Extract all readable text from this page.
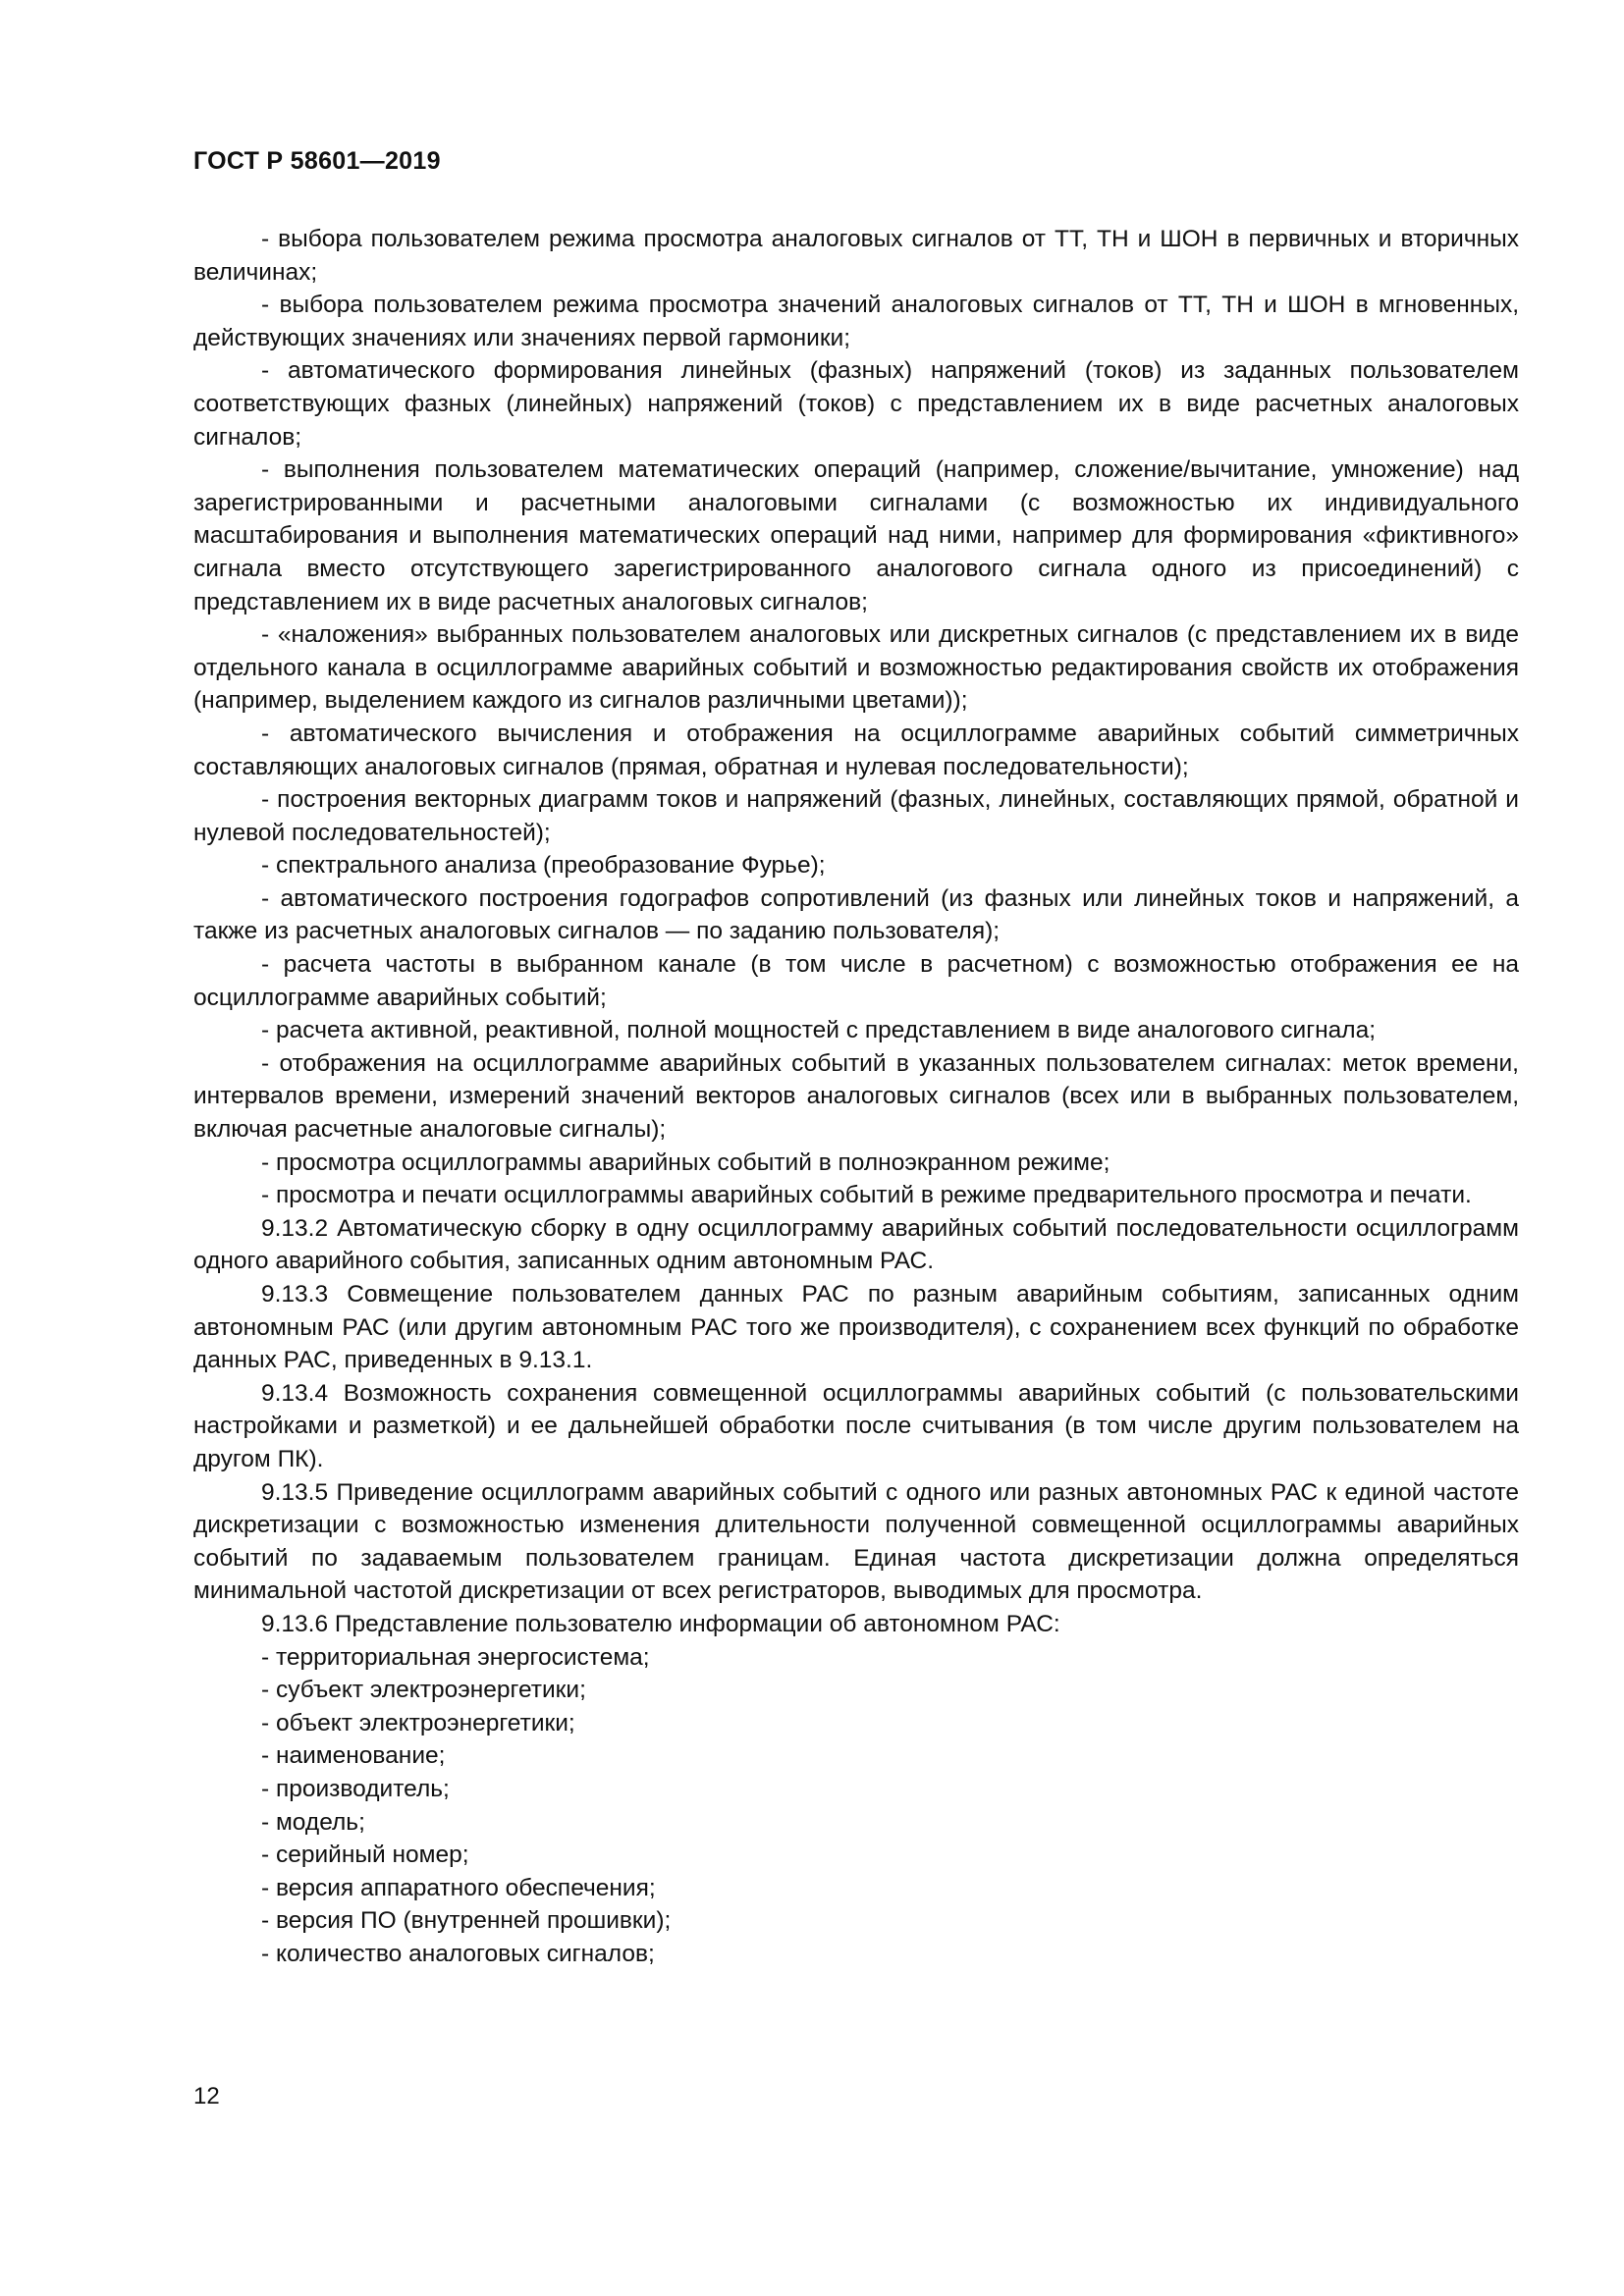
ГОСТ Р 58601—2019

- выбора пользователем режима просмотра аналоговых сигналов от ТТ, ТН и ШОН в первичных и вторичных величинах;

- выбора пользователем режима просмотра значений аналоговых сигналов от ТТ, ТН и ШОН в мгновенных, действующих значениях или значениях первой гармоники;

- автоматического формирования линейных (фазных) напряжений (токов) из заданных пользователем соответствующих фазных (линейных) напряжений (токов) с представлением их в виде расчетных аналоговых сигналов;

- выполнения пользователем математических операций (например, сложение/вычитание, умножение) над зарегистрированными и расчетными аналоговыми сигналами (с возможностью их индивидуального масштабирования и выполнения математических операций над ними, например для формирования «фиктивного» сигнала вместо отсутствующего зарегистрированного аналогового сигнала одного из присоединений) с представлением их в виде расчетных аналоговых сигналов;

- «наложения» выбранных пользователем аналоговых или дискретных сигналов (с представлением их в виде отдельного канала в осциллограмме аварийных событий и возможностью редактирования свойств их отображения (например, выделением каждого из сигналов различными цветами));

- автоматического вычисления и отображения на осциллограмме аварийных событий симметричных составляющих аналоговых сигналов (прямая, обратная и нулевая последовательности);

- построения векторных диаграмм токов и напряжений (фазных, линейных, составляющих прямой, обратной и нулевой последовательностей);

- спектрального анализа (преобразование Фурье);

- автоматического построения годографов сопротивлений (из фазных или линейных токов и напряжений, а также из расчетных аналоговых сигналов — по заданию пользователя);

- расчета частоты в выбранном канале (в том числе в расчетном) с возможностью отображения ее на осциллограмме аварийных событий;

- расчета активной, реактивной, полной мощностей с представлением в виде аналогового сигнала;

- отображения на осциллограмме аварийных событий в указанных пользователем сигналах: меток времени, интервалов времени, измерений значений векторов аналоговых сигналов (всех или в выбранных пользователем, включая расчетные аналоговые сигналы);

- просмотра осциллограммы аварийных событий в полноэкранном режиме;

- просмотра и печати осциллограммы аварийных событий в режиме предварительного просмотра и печати.

9.13.2 Автоматическую сборку в одну осциллограмму аварийных событий последовательности осциллограмм одного аварийного события, записанных одним автономным РАС.

9.13.3 Совмещение пользователем данных РАС по разным аварийным событиям, записанных одним автономным РАС (или другим автономным РАС того же производителя), с сохранением всех функций по обработке данных РАС, приведенных в 9.13.1.

9.13.4 Возможность сохранения совмещенной осциллограммы аварийных событий (с пользовательскими настройками и разметкой) и ее дальнейшей обработки после считывания (в том числе другим пользователем на другом ПК).

9.13.5 Приведение осциллограмм аварийных событий с одного или разных автономных РАС к единой частоте дискретизации с возможностью изменения длительности полученной совмещенной осциллограммы аварийных событий по задаваемым пользователем границам. Единая частота дискретизации должна определяться минимальной частотой дискретизации от всех регистраторов, выводимых для просмотра.

9.13.6 Представление пользователю информации об автономном РАС:

- территориальная энергосистема;

- субъект электроэнергетики;

- объект электроэнергетики;

- наименование;

- производитель;

- модель;

- серийный номер;

- версия аппаратного обеспечения;

- версия ПО (внутренней прошивки);

- количество аналоговых сигналов;

12
